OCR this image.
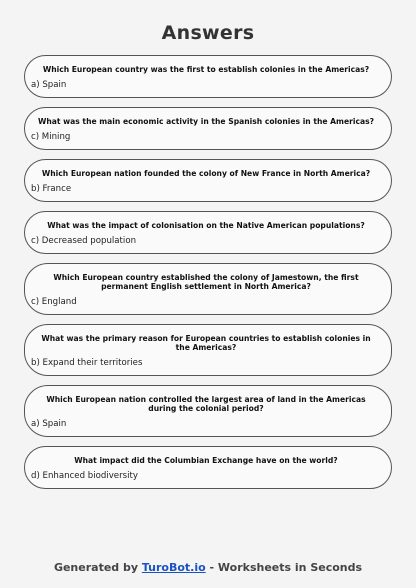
Answers
Which European country was the first to establish colonies in the Americas?
a) Spain
What was the main economic activity in the Spanish colonies in the Americas?
c) Mining
Which European nation founded the colony of New France in North America?
b) France
What was the impact of colonisation on the Native American populations?
c) Decreased population
Which European country established the colony of Jamestown, the first permanent English settlement in North America?
c) England
What was the primary reason for European countries to establish colonies in the Americas?
b) Expand their territories
Which European nation controlled the largest area of land in the Americas during the colonial period?
a) Spain
What impact did the Columbian Exchange have on the world?
d) Enhanced biodiversity
Generated by TuroBot.io - Worksheets in Seconds
